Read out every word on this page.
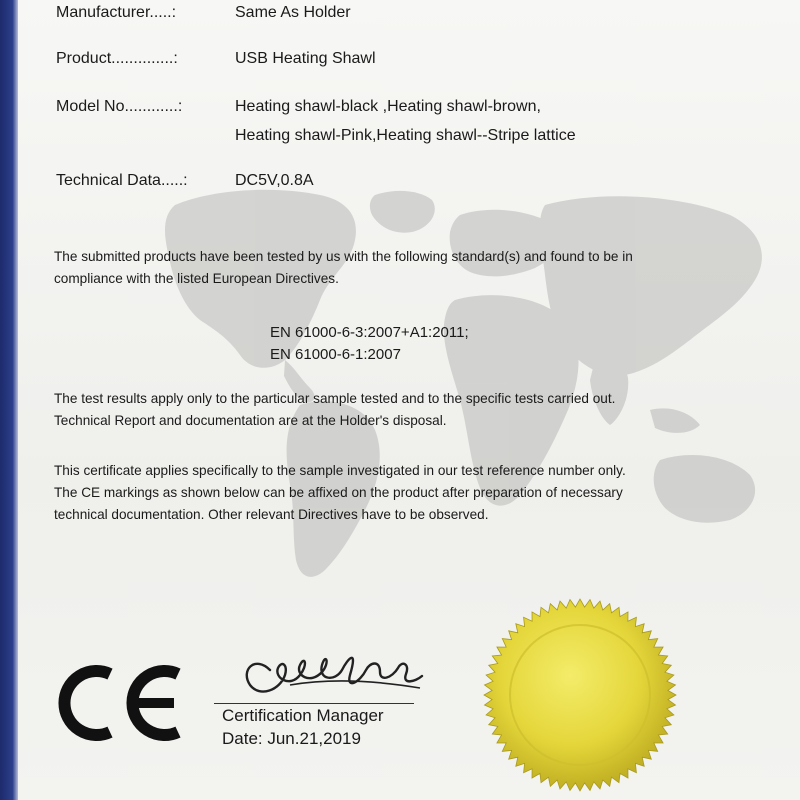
Manufacturer.....:	Same As Holder
Product..............:	USB Heating Shawl
Model No............:	Heating shawl-black ,Heating shawl-brown,
Heating shawl-Pink,Heating shawl--Stripe lattice
Technical Data.....:	DC5V,0.8A
The submitted products have been tested by us with the following standard(s) and found to be in
compliance with the listed European Directives.
EN 61000-6-3:2007+A1:2011;
EN 61000-6-1:2007
The test results apply only to the particular sample tested and to the specific tests carried out.
Technical Report and documentation are at the Holder's disposal.
This certificate applies specifically to the sample investigated in our test reference number only.
The CE markings as shown below can be affixed on the product after preparation of necessary
technical documentation. Other relevant Directives have to be observed.
Certification Manager
Date: Jun.21,2019
